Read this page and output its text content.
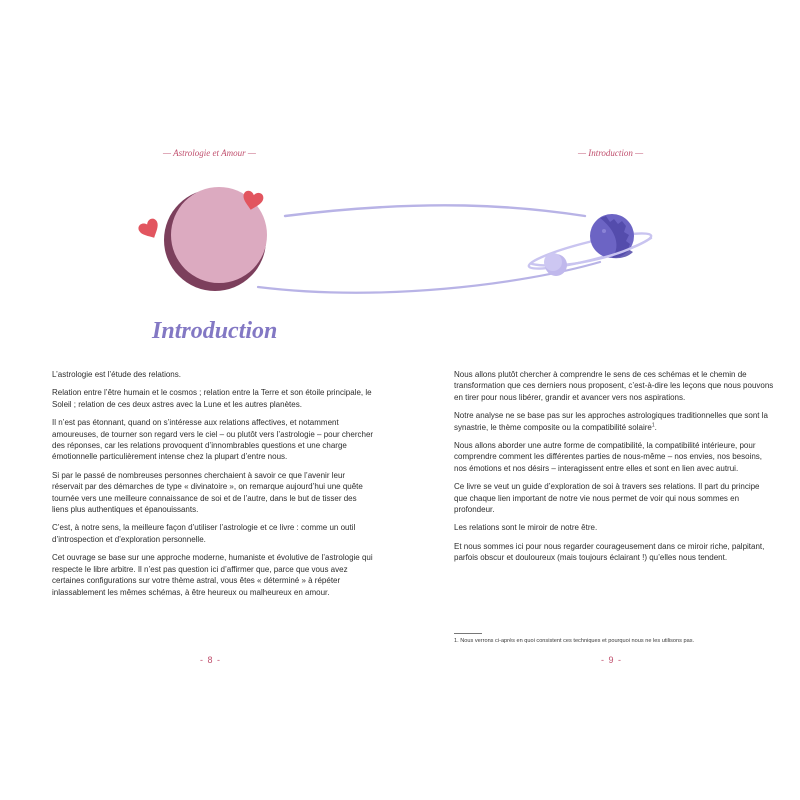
— Astrologie et Amour —
Introduction

L’astrologie est l’étude des relations.

Relation entre l’être humain et le cosmos ; relation entre la Terre et son étoile principale, le Soleil ; relation de ces deux astres avec la Lune et les autres planètes.

Il n’est pas étonnant, quand on s’intéresse aux relations affectives, et notamment amoureuses, de tourner son regard vers le ciel – ou plutôt vers l’astrologie – pour chercher des réponses, car les relations provoquent d’innombrables questions et une charge émotionnelle particulièrement intense chez la plupart d’entre nous.

Si par le passé de nombreuses personnes cherchaient à savoir ce que l’avenir leur réservait par des démarches de type « divinatoire », on remarque aujourd’hui une quête tournée vers une meilleure connaissance de soi et de l’autre, dans le but de tisser des liens plus authentiques et épanouissants.

C’est, à notre sens, la meilleure façon d’utiliser l’astrologie et ce livre : comme un outil d’introspection et d’exploration personnelle.

Cet ouvrage se base sur une approche moderne, humaniste et évolutive de l’astrologie qui respecte le libre arbitre. Il n’est pas question ici d’affirmer que, parce que vous avez certaines configurations sur votre thème astral, vous êtes « déterminé » à répéter inlassablement les mêmes schémas, à être heureux ou malheureux en amour.

- 8 -
— Introduction —

Nous allons plutôt chercher à comprendre le sens de ces schémas et le chemin de transformation que ces derniers nous proposent, c’est-à-dire les leçons que nous pouvons en tirer pour nous libérer, grandir et avancer vers nos aspirations.

Notre analyse ne se base pas sur les approches astrologiques traditionnelles que sont la synastrie, le thème composite ou la compatibilité solaire$^1$.

Nous allons aborder une autre forme de compatibilité, la compatibilité intérieure, pour comprendre comment les différentes parties de nous-même – nos envies, nos besoins, nos émotions et nos désirs – interagissent entre elles et sont en lien avec autrui.

Ce livre se veut un guide d’exploration de soi à travers ses relations. Il part du principe que chaque lien important de notre vie nous permet de voir qui nous sommes en profondeur.

Les relations sont le miroir de notre être.

Et nous sommes ici pour nous regarder courageusement dans ce miroir riche, palpitant, parfois obscur et douloureux (mais toujours éclairant !) qu’elles nous tendent.

1. Nous verrons ci-après en quoi consistent ces techniques et pourquoi nous ne les utilisons pas.
- 9 -
